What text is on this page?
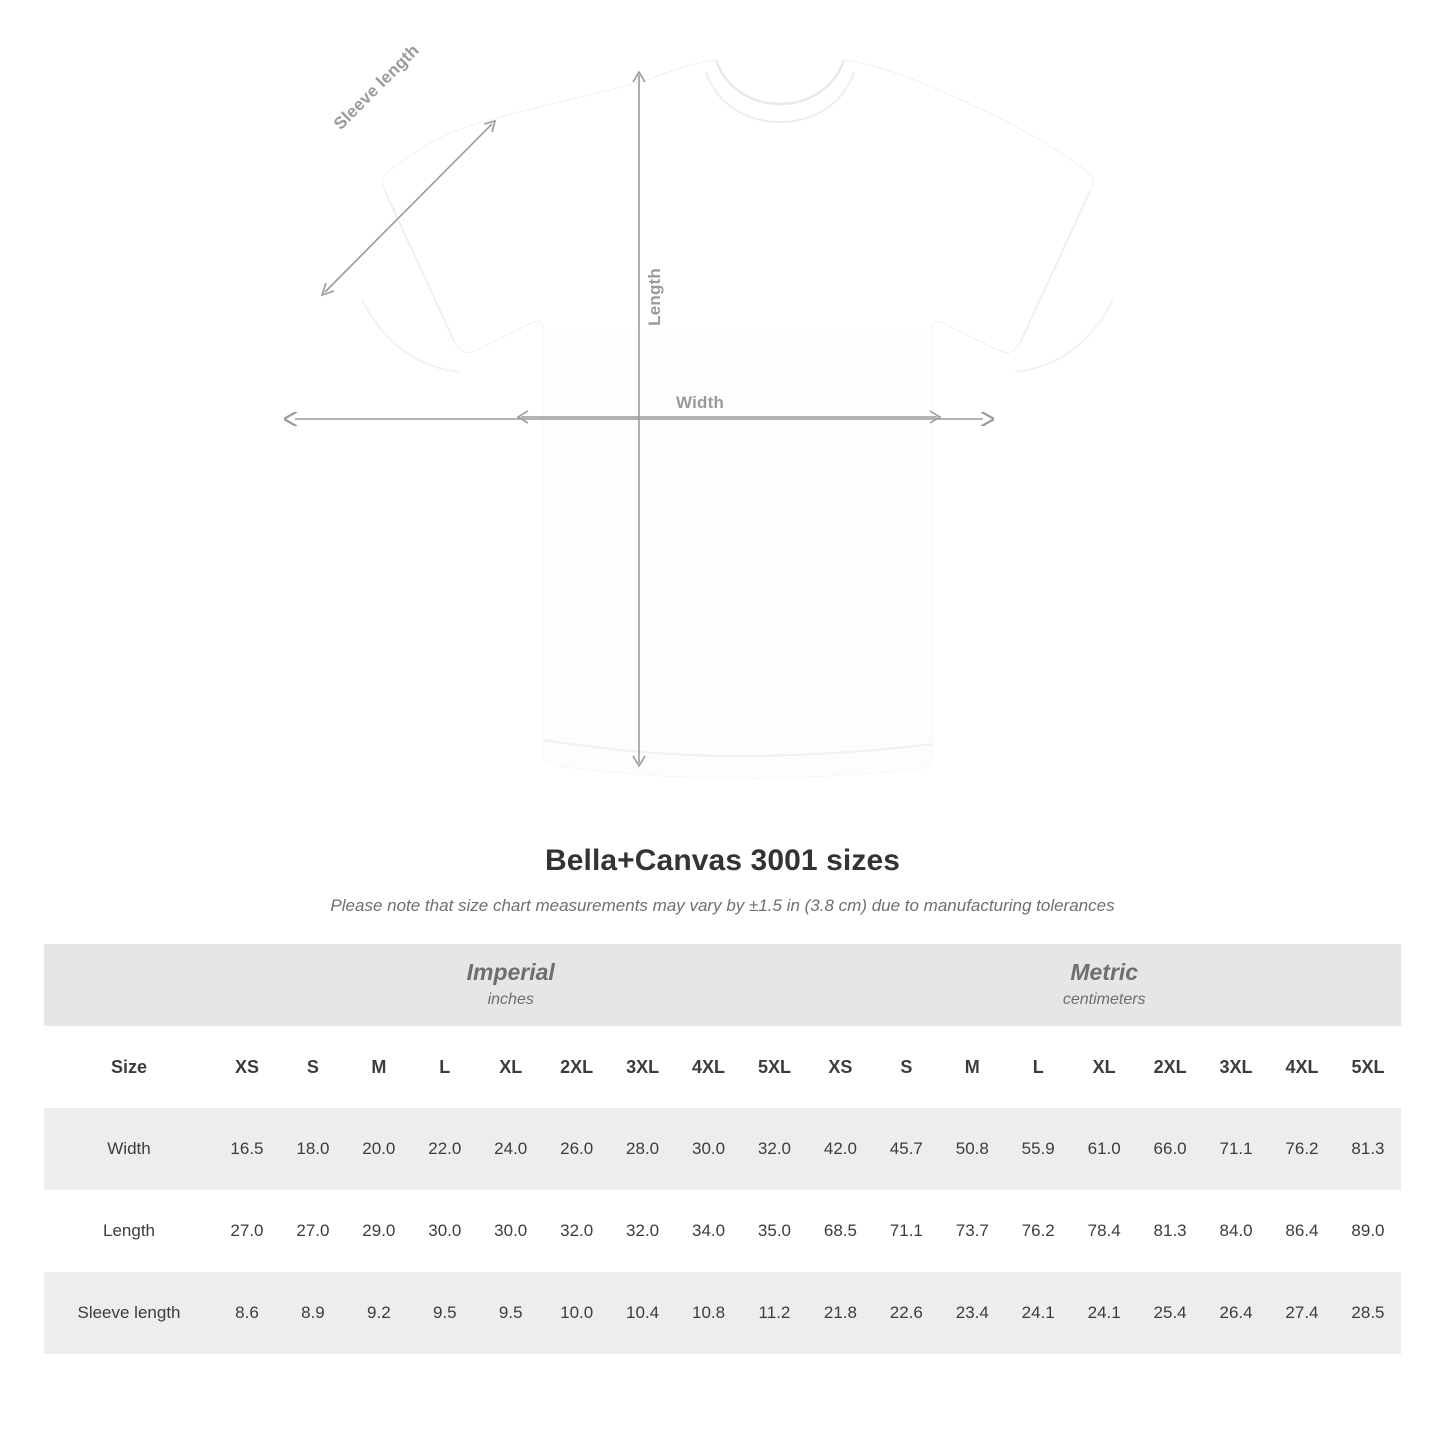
Length
Width
Sleeve length
Bella+Canvas 3001 sizes
Please note that size chart measurements may vary by ±1.5 in (3.8 cm) due to manufacturing tolerances

Imperial
inches

Metric
centimeters

Size	XS	S	M	L	XL	2XL	3XL	4XL	5XL	XS	S	M	L	XL	2XL	3XL	4XL	5XL
Width	16.5	18.0	20.0	22.0	24.0	26.0	28.0	30.0	32.0	42.0	45.7	50.8	55.9	61.0	66.0	71.1	76.2	81.3
Length	27.0	27.0	29.0	30.0	30.0	32.0	32.0	34.0	35.0	68.5	71.1	73.7	76.2	78.4	81.3	84.0	86.4	89.0
Sleeve length	8.6	8.9	9.2	9.5	9.5	10.0	10.4	10.8	11.2	21.8	22.6	23.4	24.1	24.1	25.4	26.4	27.4	28.5
